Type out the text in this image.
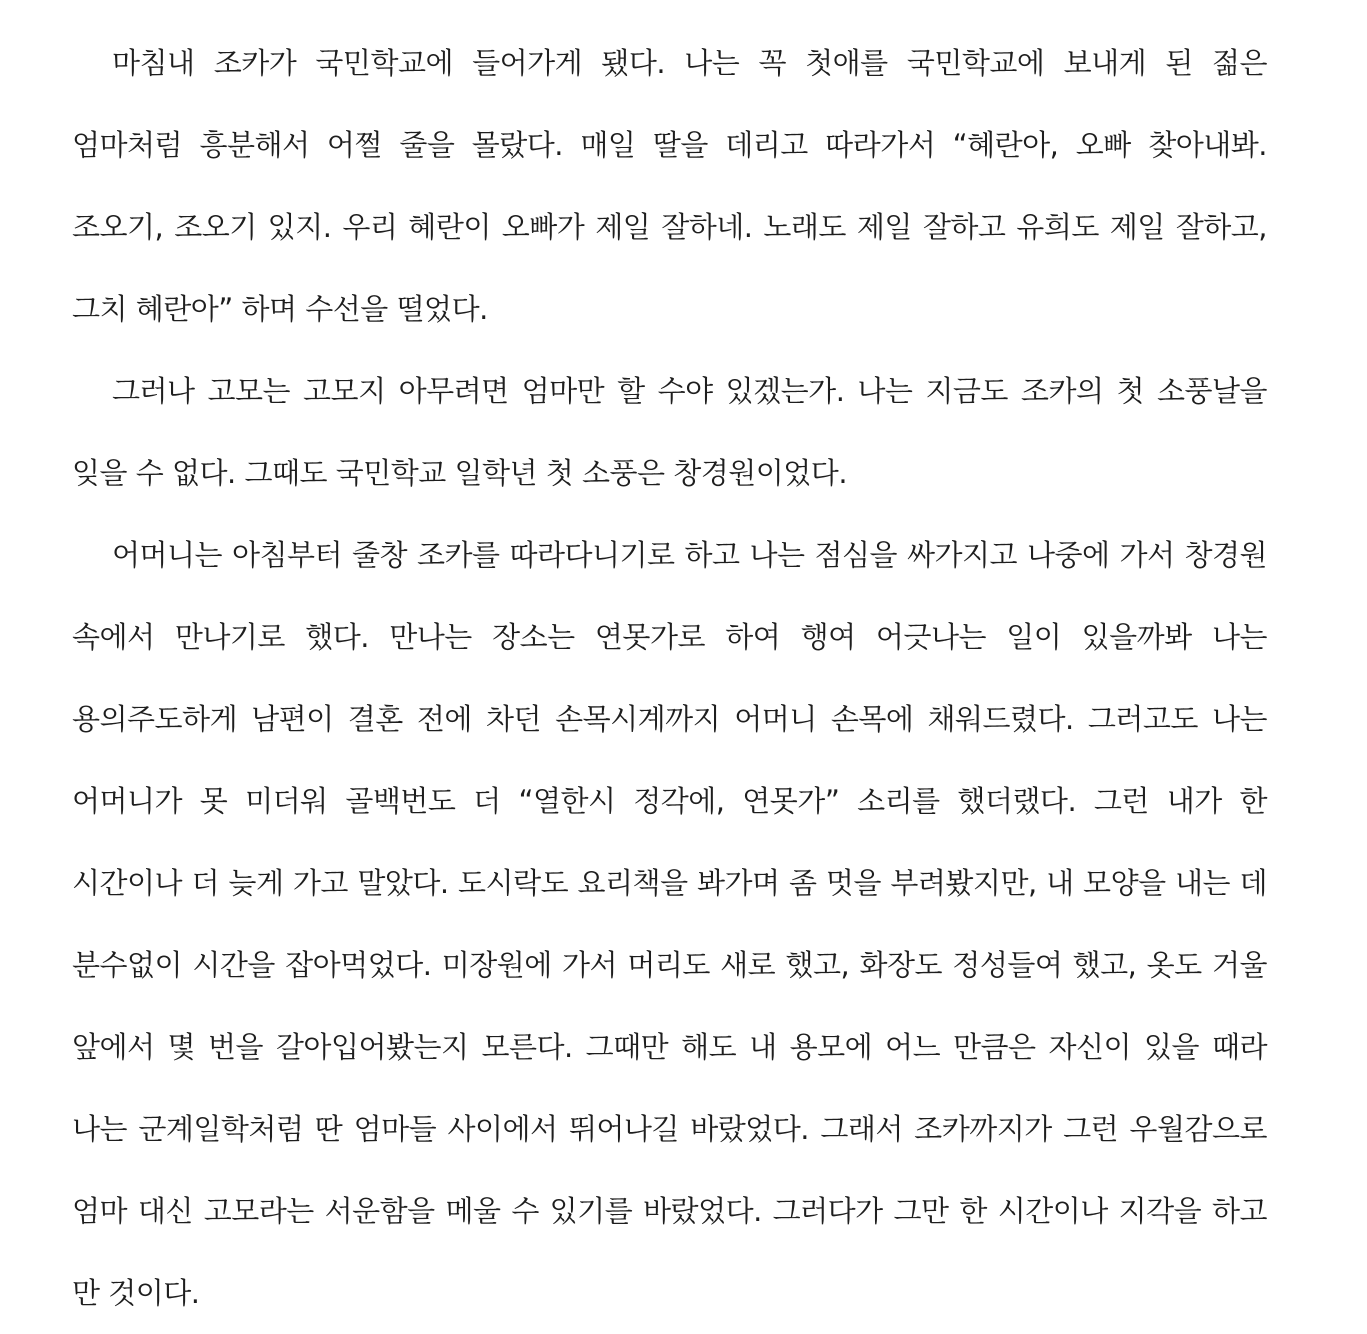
마침내 조카가 국민학교에 들어가게 됐다. 나는 꼭 첫애를 국민학교에 보내게 된 젊은 엄마처럼 흥분해서 어쩔 줄을 몰랐다. 매일 딸을 데리고 따라가서 “혜란아, 오빠 찾아내봐. 조오기, 조오기 있지. 우리 혜란이 오빠가 제일 잘하네. 노래도 제일 잘하고 유희도 제일 잘하고, 그치 혜란아” 하며 수선을 떨었다.

그러나 고모는 고모지 아무려면 엄마만 할 수야 있겠는가. 나는 지금도 조카의 첫 소풍날을 잊을 수 없다. 그때도 국민학교 일학년 첫 소풍은 창경원이었다.

어머니는 아침부터 줄창 조카를 따라다니기로 하고 나는 점심을 싸가지고 나중에 가서 창경원 속에서 만나기로 했다. 만나는 장소는 연못가로 하여 행여 어긋나는 일이 있을까봐 나는 용의주도하게 남편이 결혼 전에 차던 손목시계까지 어머니 손목에 채워드렸다. 그러고도 나는 어머니가 못 미더워 골백번도 더 “열한시 정각에, 연못가” 소리를 했더랬다. 그런 내가 한 시간이나 더 늦게 가고 말았다. 도시락도 요리책을 봐가며 좀 멋을 부려봤지만, 내 모양을 내는 데 분수없이 시간을 잡아먹었다. 미장원에 가서 머리도 새로 했고, 화장도 정성들여 했고, 옷도 거울 앞에서 몇 번을 갈아입어봤는지 모른다. 그때만 해도 내 용모에 어느 만큼은 자신이 있을 때라 나는 군계일학처럼 딴 엄마들 사이에서 뛰어나길 바랐었다. 그래서 조카까지가 그런 우월감으로 엄마 대신 고모라는 서운함을 메울 수 있기를 바랐었다. 그러다가 그만 한 시간이나 지각을 하고 만 것이다.
